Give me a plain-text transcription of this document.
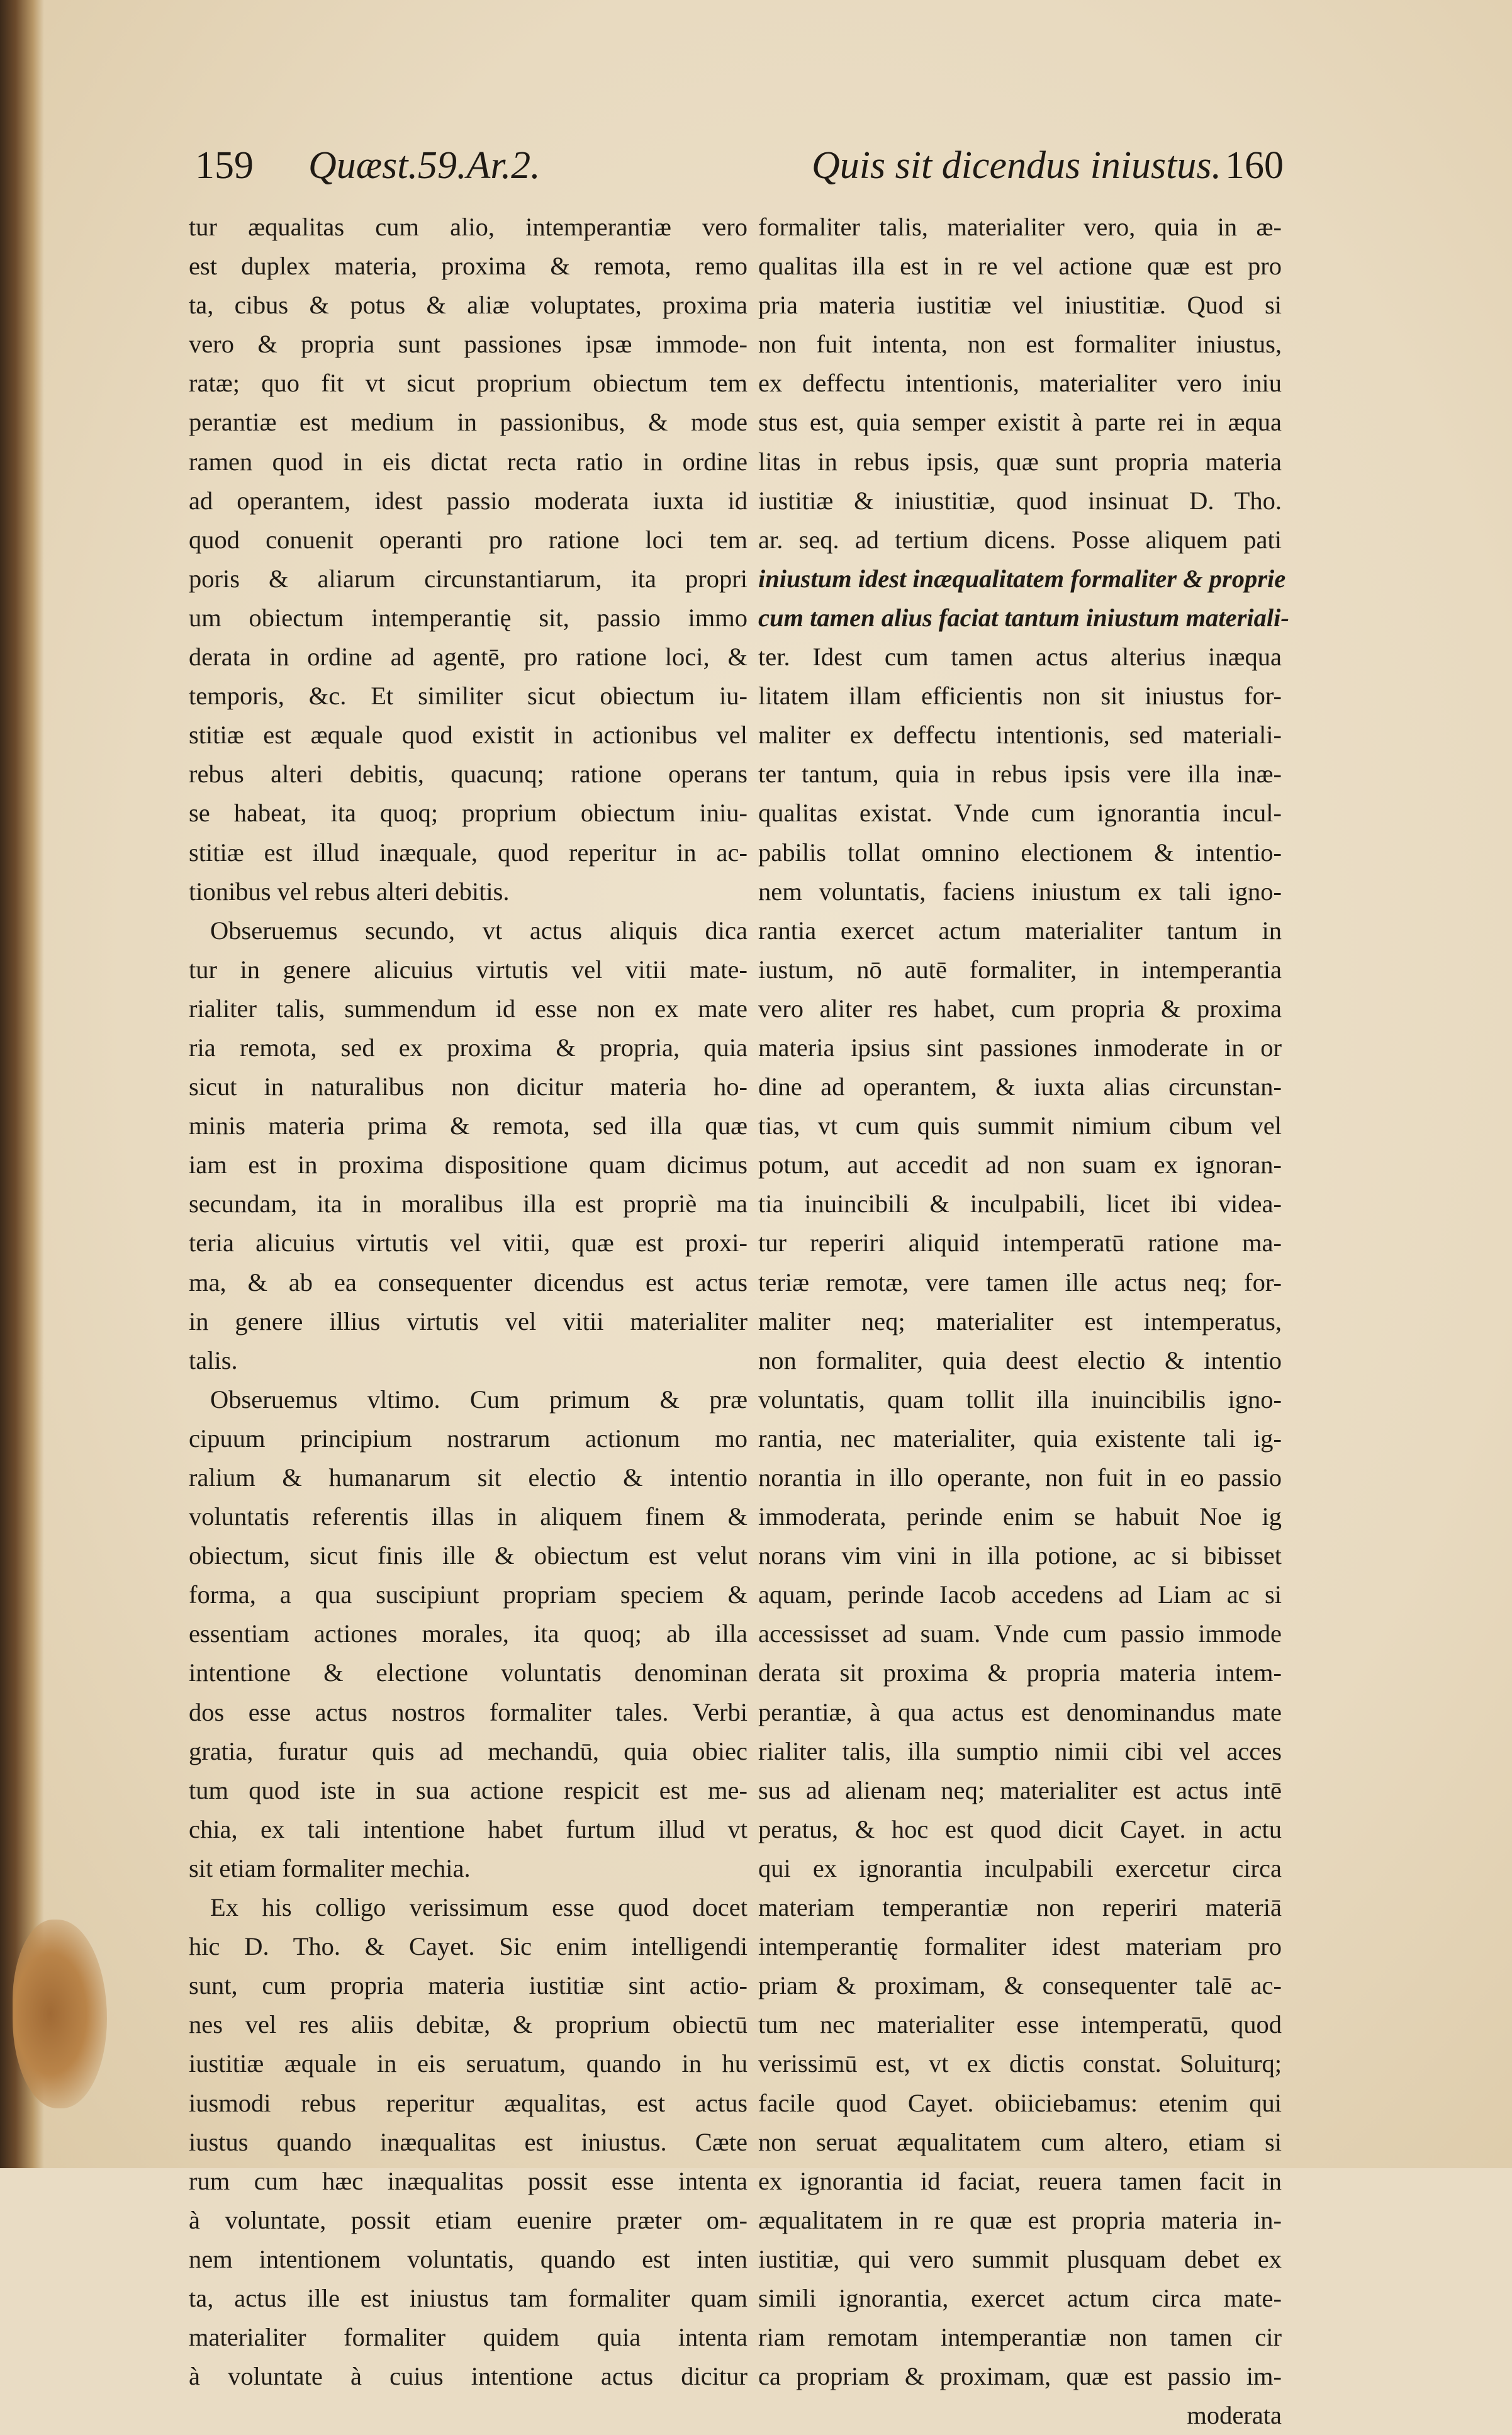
159 Quæst.59.Ar.2.	Quis sit dicendus iniustus. 160
tur æqualitas cum alio, intemperantiæ vero
est duplex materia, proxima & remota, remo
ta, cibus & potus & aliæ voluptates, proxima
vero & propria sunt passiones ipsæ immode-
ratæ; quo fit vt sicut proprium obiectum tem
perantiæ est medium in passionibus, & mode
ramen quod in eis dictat recta ratio in ordine
ad operantem, idest passio moderata iuxta id
quod conuenit operanti pro ratione loci tem
poris & aliarum circunstantiarum, ita propri
um obiectum intemperantię sit, passio immo
derata in ordine ad agentē, pro ratione loci, &
temporis, &c. Et similiter sicut obiectum iu-
stitiæ est æquale quod existit in actionibus vel
rebus alteri debitis, quacunq; ratione operans
se habeat, ita quoq; proprium obiectum iniu-
stitiæ est illud inæquale, quod reperitur in ac-
tionibus vel rebus alteri debitis.
Obseruemus secundo, vt actus aliquis dica
tur in genere alicuius virtutis vel vitii mate-
rialiter talis, summendum id esse non ex mate
ria remota, sed ex proxima & propria, quia
sicut in naturalibus non dicitur materia ho-
minis materia prima & remota, sed illa quæ
iam est in proxima dispositione quam dicimus
secundam, ita in moralibus illa est propriè ma
teria alicuius virtutis vel vitii, quæ est proxi-
ma, & ab ea consequenter dicendus est actus
in genere illius virtutis vel vitii materialiter
talis.
Obseruemus vltimo. Cum primum & præ
cipuum principium nostrarum actionum mo
ralium & humanarum sit electio & intentio
voluntatis referentis illas in aliquem finem &
obiectum, sicut finis ille & obiectum est velut
forma, a qua suscipiunt propriam speciem &
essentiam actiones morales, ita quoq; ab illa
intentione & electione voluntatis denominan
dos esse actus nostros formaliter tales. Verbi
gratia, furatur quis ad mechandū, quia obiec
tum quod iste in sua actione respicit est me-
chia, ex tali intentione habet furtum illud vt
sit etiam formaliter mechia.
Ex his colligo verissimum esse quod docet
hic D. Tho. & Cayet. Sic enim intelligendi
sunt, cum propria materia iustitiæ sint actio-
nes vel res aliis debitæ, & proprium obiectū
iustitiæ æquale in eis seruatum, quando in hu
iusmodi rebus reperitur æqualitas, est actus
iustus quando inæqualitas est iniustus. Cæte
rum cum hæc inæqualitas possit esse intenta
à voluntate, possit etiam euenire præter om-
nem intentionem voluntatis, quando est inten
ta, actus ille est iniustus tam formaliter quam
materialiter formaliter quidem quia intenta
à voluntate à cuius intentione actus dicitur
formaliter talis, materialiter vero, quia in æ-
qualitas illa est in re vel actione quæ est pro
pria materia iustitiæ vel iniustitiæ. Quod si
non fuit intenta, non est formaliter iniustus,
ex deffectu intentionis, materialiter vero iniu
stus est, quia semper existit à parte rei in æqua
litas in rebus ipsis, quæ sunt propria materia
iustitiæ & iniustitiæ, quod insinuat D. Tho.
ar. seq. ad tertium dicens. Posse aliquem pati
iniustum idest inæqualitatem formaliter & proprie
cum tamen alius faciat tantum iniustum materiali-
ter. Idest cum tamen actus alterius inæqua
litatem illam efficientis non sit iniustus for-
maliter ex deffectu intentionis, sed materiali-
ter tantum, quia in rebus ipsis vere illa inæ-
qualitas existat. Vnde cum ignorantia incul-
pabilis tollat omnino electionem & intentio-
nem voluntatis, faciens iniustum ex tali igno-
rantia exercet actum materialiter tantum in
iustum, nō autē formaliter, in intemperantia
vero aliter res habet, cum propria & proxima
materia ipsius sint passiones inmoderate in or
dine ad operantem, & iuxta alias circunstan-
tias, vt cum quis summit nimium cibum vel
potum, aut accedit ad non suam ex ignoran-
tia inuincibili & inculpabili, licet ibi videa-
tur reperiri aliquid intemperatū ratione ma-
teriæ remotæ, vere tamen ille actus neq; for-
maliter neq; materialiter est intemperatus,
non formaliter, quia deest electio & intentio
voluntatis, quam tollit illa inuincibilis igno-
rantia, nec materialiter, quia existente tali ig-
norantia in illo operante, non fuit in eo passio
immoderata, perinde enim se habuit Noe ig
norans vim vini in illa potione, ac si bibisset
aquam, perinde Iacob accedens ad Liam ac si
accessisset ad suam. Vnde cum passio immode
derata sit proxima & propria materia intem-
perantiæ, à qua actus est denominandus mate
rialiter talis, illa sumptio nimii cibi vel acces
sus ad alienam neq; materialiter est actus intē
peratus, & hoc est quod dicit Cayet. in actu
qui ex ignorantia inculpabili exercetur circa
materiam temperantiæ non reperiri materiā
intemperantię formaliter idest materiam pro
priam & proximam, & consequenter talē ac-
tum nec materialiter esse intemperatū, quod
verissimū est, vt ex dictis constat. Soluiturq;
facile quod Cayet. obiiciebamus: etenim qui
non seruat æqualitatem cum altero, etiam si
ex ignorantia id faciat, reuera tamen facit in
æqualitatem in re quæ est propria materia in-
iustitiæ, qui vero summit plusquam debet ex
simili ignorantia, exercet actum circa mate-
riam remotam intemperantiæ non tamen cir
ca propriam & proximam, quæ est passio im-
moderata
